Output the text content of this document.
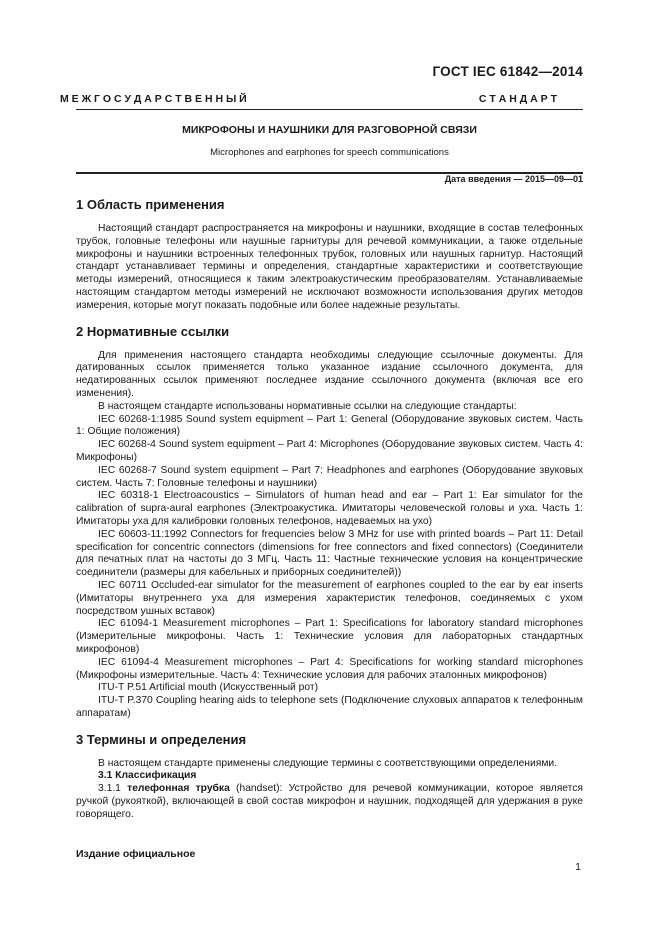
ГОСТ IEC 61842—2014
М Е Ж Г О С У Д А Р С Т В Е Н Н Ы Й	С Т А Н Д А Р Т
МИКРОФОНЫ И НАУШНИКИ ДЛЯ РАЗГОВОРНОЙ СВЯЗИ
Microphones and earphones for speech communications
Дата введения — 2015—09—01
1 Область применения

Настоящий стандарт распространяется на микрофоны и наушники, входящие в состав телефонных трубок, головные телефоны или наушные гарнитуры для речевой коммуникации, а также отдельные микрофоны и наушники встроенных телефонных трубок, головных или наушных гарнитур. Настоящий стандарт устанавливает термины и определения, стандартные характеристики и соответствующие методы измерений, относящиеся к таким электроакустическим преобразователям. Устанавливаемые настоящим стандартом методы измерений не исключают возможности использования других методов измерения, которые могут показать подобные или более надежные результаты.

2 Нормативные ссылки

Для применения настоящего стандарта необходимы следующие ссылочные документы. Для датированных ссылок применяется только указанное издание ссылочного документа, для недатированных ссылок применяют последнее издание ссылочного документа (включая все его изменения).

В настоящем стандарте использованы нормативные ссылки на следующие стандарты:

IEC 60268-1:1985 Sound system equipment – Part 1: General (Оборудование звуковых систем. Часть 1: Общие положения)

IEC 60268-4 Sound system equipment – Part 4: Microphones (Оборудование звуковых систем. Часть 4: Микрофоны)

IEC 60268-7 Sound system equipment – Part 7: Headphones and earphones (Оборудование звуковых систем. Часть 7: Головные телефоны и наушники)

IEC 60318-1 Electroacoustics – Simulators of human head and ear – Part 1: Ear simulator for the calibration of supra-aural earphones (Электроакустика. Имитаторы человеческой головы и уха. Часть 1: Имитаторы уха для калибровки головных телефонов, надеваемых на ухо)

IEC 60603-11:1992 Connectors for frequencies below 3 MHz for use with printed boards – Part 11: Detail specification for concentric connectors (dimensions for free connectors and fixed connectors) (Соединители для печатных плат на частоты до 3 МГц. Часть 11: Частные технические условия на концентрические соединители (размеры для кабельных и приборных соединителей))

IEC 60711 Occluded-ear simulator for the measurement of earphones coupled to the ear by ear inserts (Имитаторы внутреннего уха для измерения характеристик телефонов, соединяемых с ухом посредством ушных вставок)

IEC 61094-1 Measurement microphones – Part 1: Specifications for laboratory standard microphones (Измерительные микрофоны. Часть 1: Технические условия для лабораторных стандартных микрофонов)

IEC 61094-4 Measurement microphones – Part 4: Specifications for working standard microphones (Микрофоны измерительные. Часть 4: Технические условия для рабочих эталонных микрофонов)

ITU-T P.51 Artificial mouth (Искусственный рот)

ITU-T P.370 Coupling hearing aids to telephone sets (Подключение слуховых аппаратов к телефонным аппаратам)

3 Термины и определения

В настоящем стандарте применены следующие термины с соответствующими определениями.

3.1 Классификация

3.1.1 телефонная трубка (handset): Устройство для речевой коммуникации, которое является ручкой (рукояткой), включающей в свой состав микрофон и наушник, подходящей для удержания в руке говорящего.

Издание официальное
1
